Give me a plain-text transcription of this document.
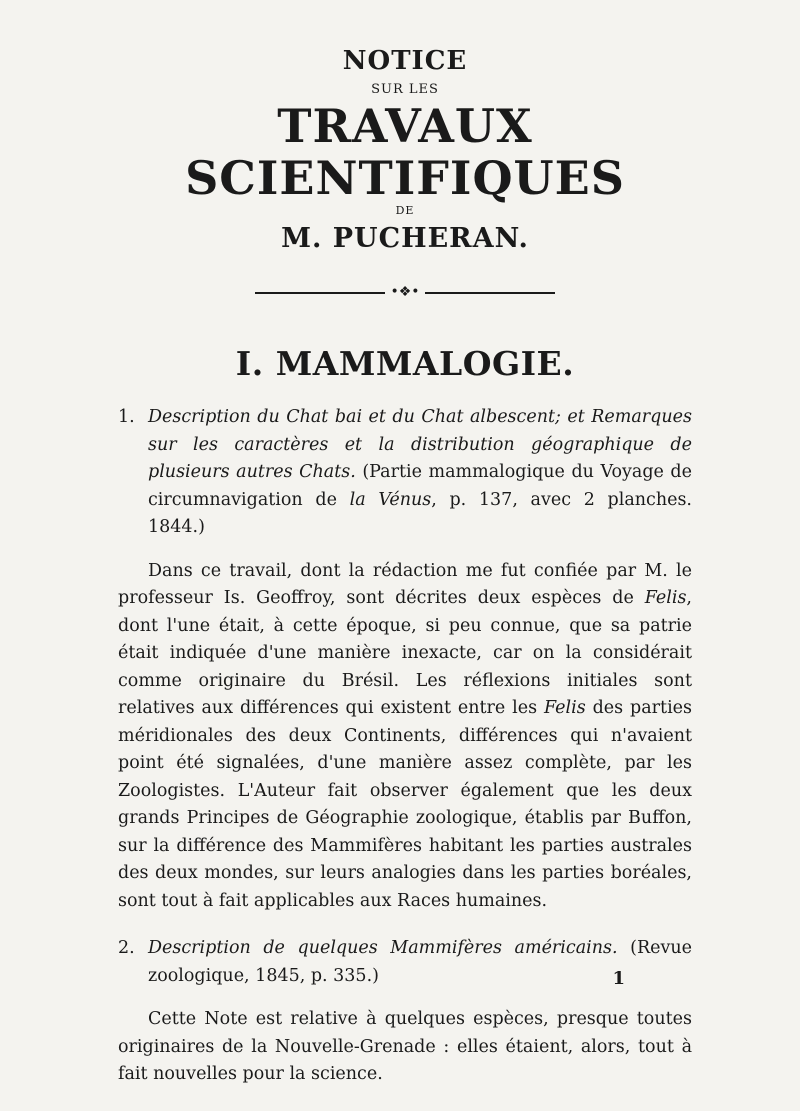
NOTICE
SUR LES
TRAVAUX SCIENTIFIQUES
DE
M. PUCHERAN.
•❖•
I. MAMMALOGIE.

1. Description du Chat bai et du Chat albescent; et Remarques sur les caractères et la distribution géographique de plusieurs autres Chats. (Partie mammalogique du Voyage de circumnavigation de la Vénus, p. 137, avec 2 planches. 1844.)

Dans ce travail, dont la rédaction me fut confiée par M. le professeur Is. Geoffroy, sont décrites deux espèces de Felis, dont l'une était, à cette époque, si peu connue, que sa patrie était indiquée d'une manière inexacte, car on la considérait comme originaire du Brésil. Les réflexions initiales sont relatives aux différences qui existent entre les Felis des parties méridionales des deux Continents, différences qui n'avaient point été signalées, d'une manière assez complète, par les Zoologistes. L'Auteur fait observer également que les deux grands Principes de Géographie zoologique, établis par Buffon, sur la différence des Mammifères habitant les parties australes des deux mondes, sur leurs analogies dans les parties boréales, sont tout à fait applicables aux Races humaines.

2. Description de quelques Mammifères américains. (Revue zoologique, 1845, p. 335.)

Cette Note est relative à quelques espèces, presque toutes originaires de la Nouvelle-Grenade : elles étaient, alors, tout à fait nouvelles pour la science.

1
